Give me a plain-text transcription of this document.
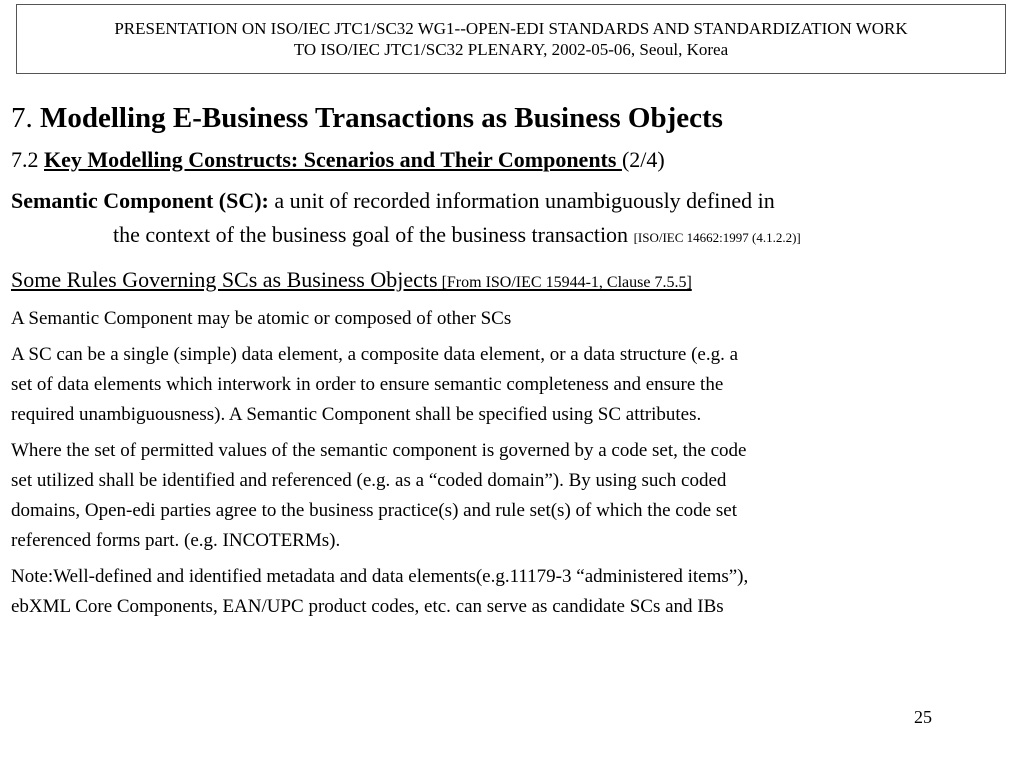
PRESENTATION ON ISO/IEC JTC1/SC32 WG1--OPEN-EDI STANDARDS AND STANDARDIZATION WORK
TO ISO/IEC JTC1/SC32 PLENARY, 2002-05-06, Seoul, Korea

7. Modelling E-Business Transactions as Business Objects

7.2 Key Modelling Constructs: Scenarios and Their Components (2/4)

Semantic Component (SC): a unit of recorded information unambiguously defined in

the context of the business goal of the business transaction [ISO/IEC 14662:1997 (4.1.2.2)]

Some Rules Governing SCs as Business Objects [From ISO/IEC 15944-1, Clause 7.5.5]

A Semantic Component may be atomic or composed of other SCs

A SC can be a single (simple) data element, a composite data element, or a data structure (e.g. a

set of data elements which interwork in order to ensure semantic completeness and ensure the

required unambiguousness). A Semantic Component shall be specified using SC attributes.

Where the set of permitted values of the semantic component is governed by a code set, the code

set utilized shall be identified and referenced (e.g. as a “coded domain”). By using such coded

domains, Open-edi parties agree to the business practice(s) and rule set(s) of which the code set

referenced forms part. (e.g. INCOTERMs).

Note:Well-defined and identified metadata and data elements(e.g.11179-3 “administered items”),

ebXML Core Components, EAN/UPC product codes, etc. can serve as candidate SCs and IBs

25
